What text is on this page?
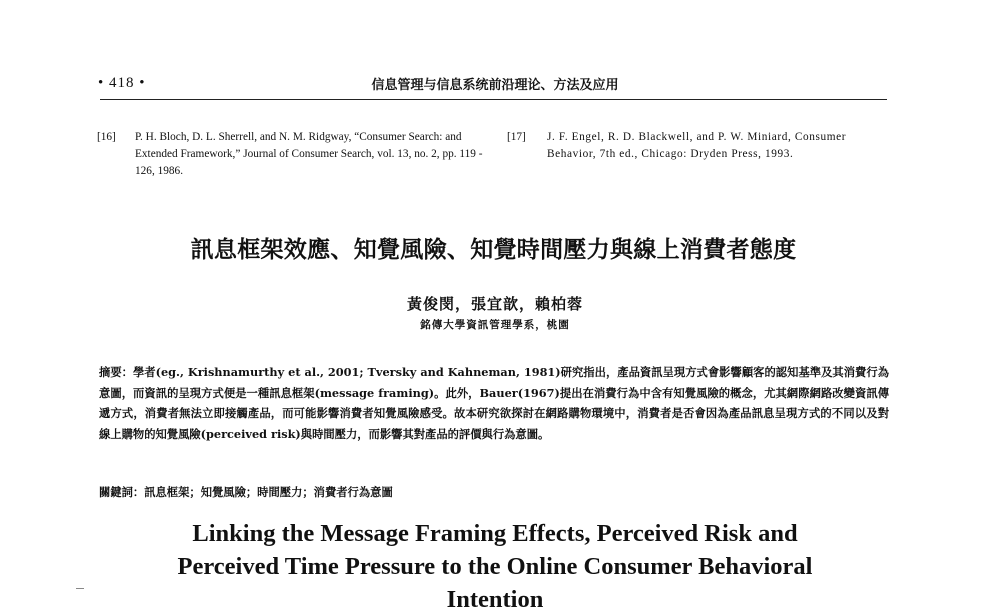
• 418 •	信息管理与信息系统前沿理论、方法及应用
[16] P. H. Bloch, D. L. Sherrell, and N. M. Ridgway, “Consumer Search: and Extended Framework,” Journal of Consumer Search, vol. 13, no. 2, pp. 119 - 126, 1986.
[17] J. F. Engel, R. D. Blackwell, and P. W. Miniard, Consumer Behavior, 7th ed., Chicago: Dryden Press, 1993.
訊息框架效應、知覺風險、知覺時間壓力與線上消費者態度
黃俊閔，張宜歆，賴柏蓉
銘傳大學資訊管理學系，桃園
摘要：學者(eg., Krishnamurthy et al., 2001; Tversky and Kahneman, 1981)研究指出，產品資訊呈現方式會影響顧客的認知基準及其消費行為意圖，而資訊的呈現方式便是一種訊息框架(message framing)。此外，Bauer(1967)提出在消費行為中含有知覺風險的概念，尤其網際網路改變資訊傳遞方式，消費者無法立即接觸產品，而可能影響消費者知覺風險感受。故本研究欲探討在網路購物環境中，消費者是否會因為產品訊息呈現方式的不同以及對線上購物的知覺風險(perceived risk)與時間壓力，而影響其對產品的評價與行為意圖。
關鍵詞：訊息框架；知覺風險；時間壓力；消費者行為意圖
Linking the Message Framing Effects, Perceived Risk and Perceived Time Pressure to the Online Consumer Behavioral Intention
